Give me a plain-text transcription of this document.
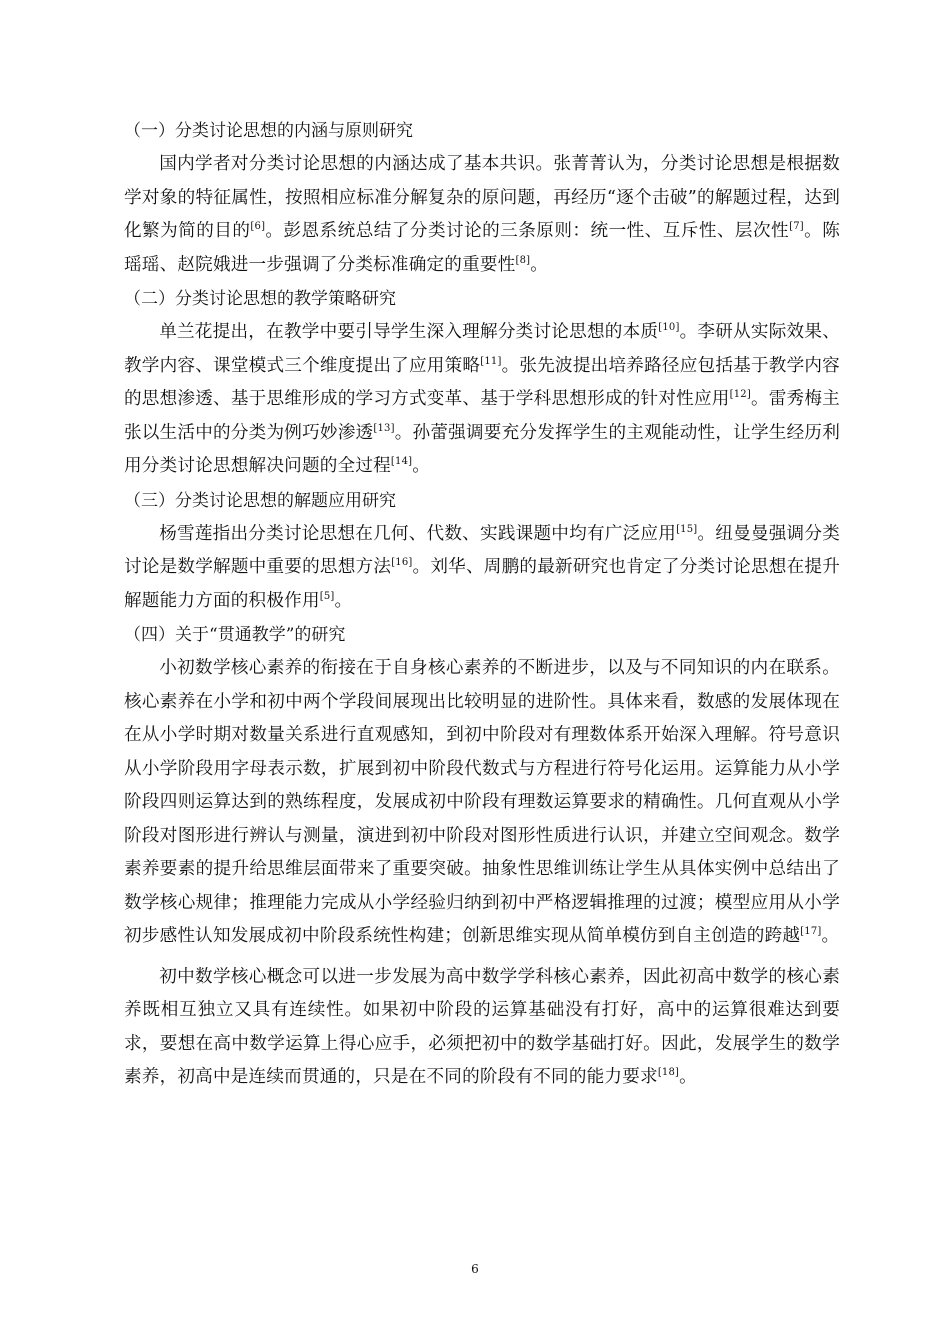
（一）分类讨论思想的内涵与原则研究

国内学者对分类讨论思想的内涵达成了基本共识。张菁菁认为，分类讨论思想是根据数学对象的特征属性，按照相应标准分解复杂的原问题，再经历“逐个击破”的解题过程，达到化繁为简的目的[6]。彭恩系统总结了分类讨论的三条原则：统一性、互斥性、层次性[7]。陈瑶瑶、赵院娥进一步强调了分类标准确定的重要性[8]。

（二）分类讨论思想的教学策略研究

单兰花提出，在教学中要引导学生深入理解分类讨论思想的本质[10]。李研从实际效果、教学内容、课堂模式三个维度提出了应用策略[11]。张先波提出培养路径应包括基于教学内容的思想渗透、基于思维形成的学习方式变革、基于学科思想形成的针对性应用[12]。雷秀梅主张以生活中的分类为例巧妙渗透[13]。孙蕾强调要充分发挥学生的主观能动性，让学生经历利用分类讨论思想解决问题的全过程[14]。

（三）分类讨论思想的解题应用研究

杨雪莲指出分类讨论思想在几何、代数、实践课题中均有广泛应用[15]。纽曼曼强调分类讨论是数学解题中重要的思想方法[16]。刘华、周鹏的最新研究也肯定了分类讨论思想在提升解题能力方面的积极作用[5]。

（四）关于“贯通教学”的研究

小初数学核心素养的衔接在于自身核心素养的不断进步，以及与不同知识的内在联系。核心素养在小学和初中两个学段间展现出比较明显的进阶性。具体来看，数感的发展体现在在从小学时期对数量关系进行直观感知，到初中阶段对有理数体系开始深入理解。符号意识从小学阶段用字母表示数，扩展到初中阶段代数式与方程进行符号化运用。运算能力从小学阶段四则运算达到的熟练程度，发展成初中阶段有理数运算要求的精确性。几何直观从小学阶段对图形进行辨认与测量，演进到初中阶段对图形性质进行认识，并建立空间观念。数学素养要素的提升给思维层面带来了重要突破。抽象性思维训练让学生从具体实例中总结出了数学核心规律；推理能力完成从小学经验归纳到初中严格逻辑推理的过渡；模型应用从小学初步感性认知发展成初中阶段系统性构建；创新思维实现从简单模仿到自主创造的跨越[17]。

初中数学核心概念可以进一步发展为高中数学学科核心素养，因此初高中数学的核心素养既相互独立又具有连续性。如果初中阶段的运算基础没有打好，高中的运算很难达到要求，要想在高中数学运算上得心应手，必须把初中的数学基础打好。因此，发展学生的数学素养，初高中是连续而贯通的，只是在不同的阶段有不同的能力要求[18]。

6
